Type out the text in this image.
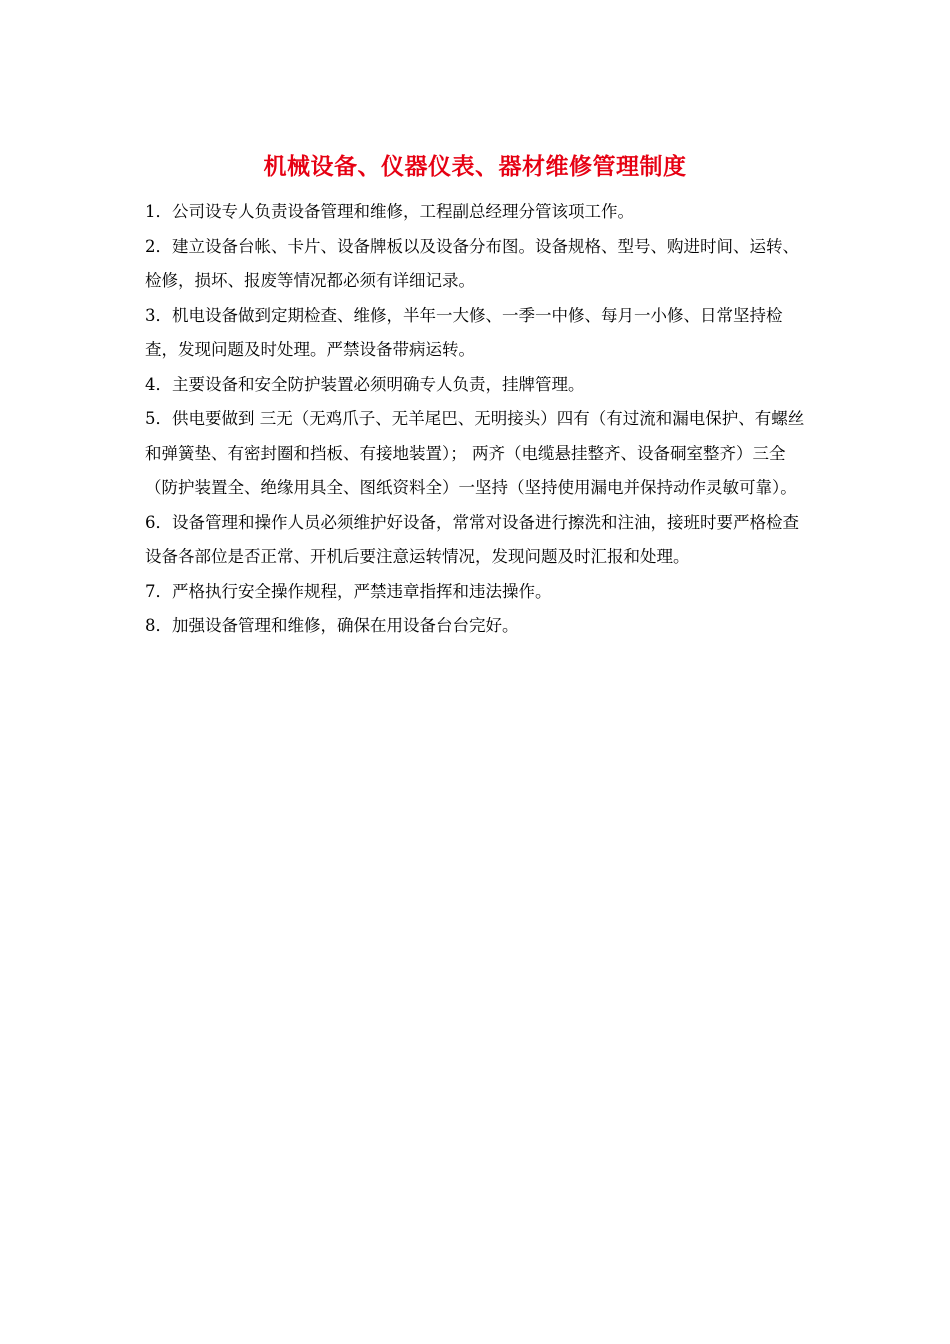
机械设备、仪器仪表、器材维修管理制度
1．公司设专人负责设备管理和维修，工程副总经理分管该项工作。
2．建立设备台帐、卡片、设备牌板以及设备分布图。设备规格、型号、购进时间、运转、检修，损坏、报废等情况都必须有详细记录。
3．机电设备做到定期检查、维修，半年一大修、一季一中修、每月一小修、日常坚持检查，发现问题及时处理。严禁设备带病运转。
4．主要设备和安全防护装置必须明确专人负责，挂牌管理。
5．供电要做到 三无（无鸡爪子、无羊尾巴、无明接头）四有（有过流和漏电保护、有螺丝和弹簧垫、有密封圈和挡板、有接地装置）； 两齐（电缆悬挂整齐、设备硐室整齐）三全（防护装置全、绝缘用具全、图纸资料全）一坚持（坚持使用漏电并保持动作灵敏可靠）。
6．设备管理和操作人员必须维护好设备，常常对设备进行擦洗和注油，接班时要严格检查设备各部位是否正常、开机后要注意运转情况，发现问题及时汇报和处理。
7．严格执行安全操作规程，严禁违章指挥和违法操作。
8．加强设备管理和维修，确保在用设备台台完好。
